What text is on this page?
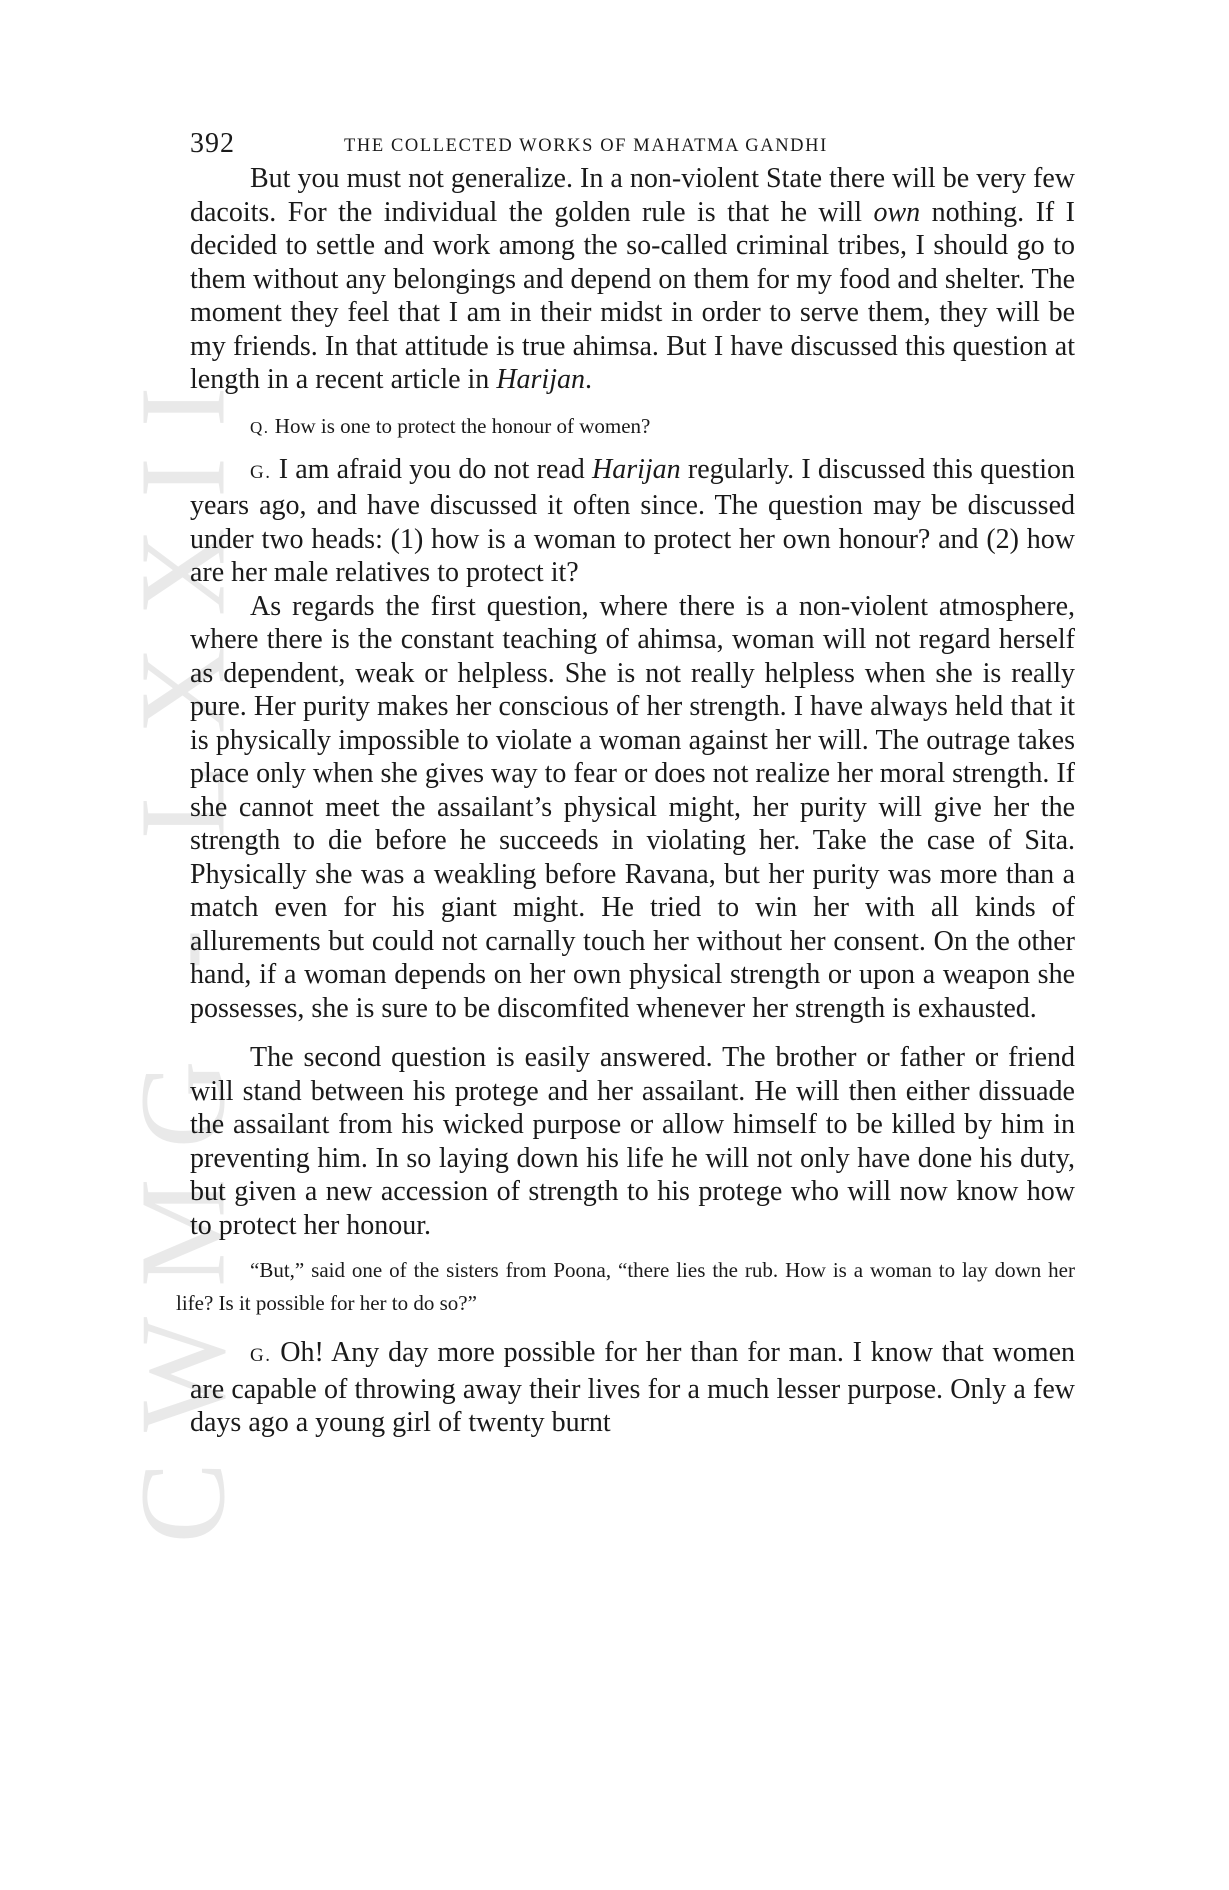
CWMG - LXXII
392	THE COLLECTED WORKS OF MAHATMA GANDHI

But you must not generalize. In a non-violent State there will be very few dacoits. For the individual the golden rule is that he will own nothing. If I decided to settle and work among the so-called criminal tribes, I should go to them without any belongings and depend on them for my food and shelter. The moment they feel that I am in their midst in order to serve them, they will be my friends. In that attitude is true ahimsa. But I have discussed this question at length in a recent article in Harijan.

Q. How is one to protect the honour of women?

G. I am afraid you do not read Harijan regularly. I discussed this question years ago, and have discussed it often since. The question may be discussed under two heads: (1) how is a woman to protect her own honour? and (2) how are her male relatives to protect it?

As regards the first question, where there is a non-violent atmosphere, where there is the constant teaching of ahimsa, woman will not regard herself as dependent, weak or helpless. She is not really helpless when she is really pure. Her purity makes her conscious of her strength. I have always held that it is physically impossible to violate a woman against her will. The outrage takes place only when she gives way to fear or does not realize her moral strength. If she cannot meet the assailant’s physical might, her purity will give her the strength to die before he succeeds in violating her. Take the case of Sita. Physically she was a weakling before Ravana, but her purity was more than a match even for his giant might. He tried to win her with all kinds of allurements but could not carnally touch her without her consent. On the other hand, if a woman depends on her own physical strength or upon a weapon she possesses, she is sure to be discomfited whenever her strength is exhausted.

The second question is easily answered. The brother or father or friend will stand between his protege and her assailant. He will then either dissuade the assailant from his wicked purpose or allow himself to be killed by him in preventing him. In so laying down his life he will not only have done his duty, but given a new accession of strength to his protege who will now know how to protect her honour.

“But,” said one of the sisters from Poona, “there lies the rub. How is a woman to lay down her life? Is it possible for her to do so?”

G. Oh! Any day more possible for her than for man. I know that women are capable of throwing away their lives for a much lesser purpose. Only a few days ago a young girl of twenty burnt
